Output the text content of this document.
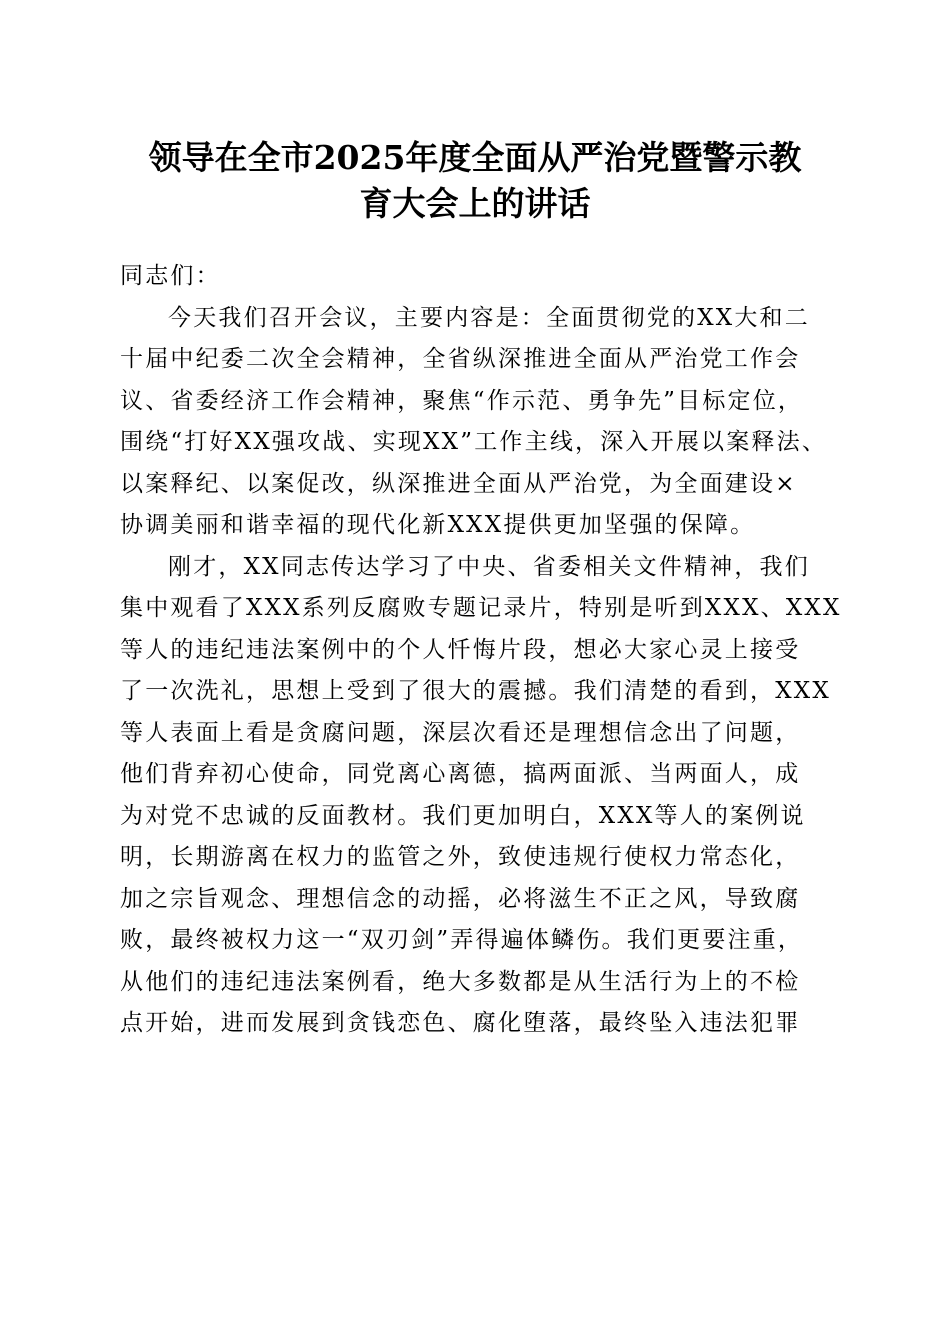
领导在全市2025年度全面从严治党暨警示教
育大会上的讲话
同志们：
今天我们召开会议，主要内容是：全面贯彻党的XX大和二
十届中纪委二次全会精神，全省纵深推进全面从严治党工作会
议、省委经济工作会精神，聚焦“作示范、勇争先”目标定位，
围绕“打好XX强攻战、实现XX”工作主线，深入开展以案释法、
以案释纪、以案促改，纵深推进全面从严治党，为全面建设×
协调美丽和谐幸福的现代化新XXX提供更加坚强的保障。
刚才，XX同志传达学习了中央、省委相关文件精神，我们
集中观看了XXX系列反腐败专题记录片，特别是听到XXX、XXX
等人的违纪违法案例中的个人忏悔片段，想必大家心灵上接受
了一次洗礼，思想上受到了很大的震撼。我们清楚的看到，XXX
等人表面上看是贪腐问题，深层次看还是理想信念出了问题，
他们背弃初心使命，同党离心离德，搞两面派、当两面人，成
为对党不忠诚的反面教材。我们更加明白，XXX等人的案例说
明，长期游离在权力的监管之外，致使违规行使权力常态化，
加之宗旨观念、理想信念的动摇，必将滋生不正之风，导致腐
败，最终被权力这一“双刃剑”弄得遍体鳞伤。我们更要注重，
从他们的违纪违法案例看，绝大多数都是从生活行为上的不检
点开始，进而发展到贪钱恋色、腐化堕落，最终坠入违法犯罪
